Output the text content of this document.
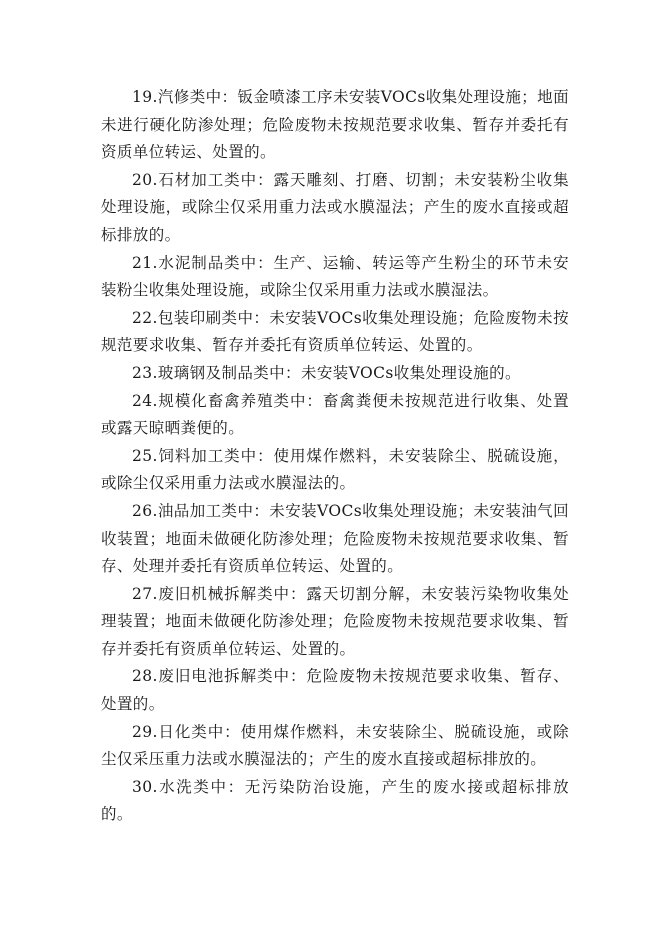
19.汽修类中：钣金喷漆工序未安装VOCs收集处理设施；地面未进行硬化防渗处理；危险废物未按规范要求收集、暂存并委托有资质单位转运、处置的。

20.石材加工类中：露天雕刻、打磨、切割；未安装粉尘收集处理设施，或除尘仅采用重力法或水膜湿法；产生的废水直接或超标排放的。

21.水泥制品类中：生产、运输、转运等产生粉尘的环节未安装粉尘收集处理设施，或除尘仅采用重力法或水膜湿法。

22.包装印刷类中：未安装VOCs收集处理设施；危险废物未按规范要求收集、暂存并委托有资质单位转运、处置的。

23.玻璃钢及制品类中：未安装VOCs收集处理设施的。

24.规模化畜禽养殖类中：畜禽粪便未按规范进行收集、处置或露天晾晒粪便的。

25.饲料加工类中：使用煤作燃料，未安装除尘、脱硫设施，或除尘仅采用重力法或水膜湿法的。

26.油品加工类中：未安装VOCs收集处理设施；未安装油气回收装置；地面未做硬化防渗处理；危险废物未按规范要求收集、暂存、处理并委托有资质单位转运、处置的。

27.废旧机械拆解类中：露天切割分解，未安装污染物收集处理装置；地面未做硬化防渗处理；危险废物未按规范要求收集、暂存并委托有资质单位转运、处置的。

28.废旧电池拆解类中：危险废物未按规范要求收集、暂存、处置的。

29.日化类中：使用煤作燃料，未安装除尘、脱硫设施，或除尘仅采压重力法或水膜湿法的；产生的废水直接或超标排放的。

30.水洗类中：无污染防治设施，产生的废水接或超标排放的。
